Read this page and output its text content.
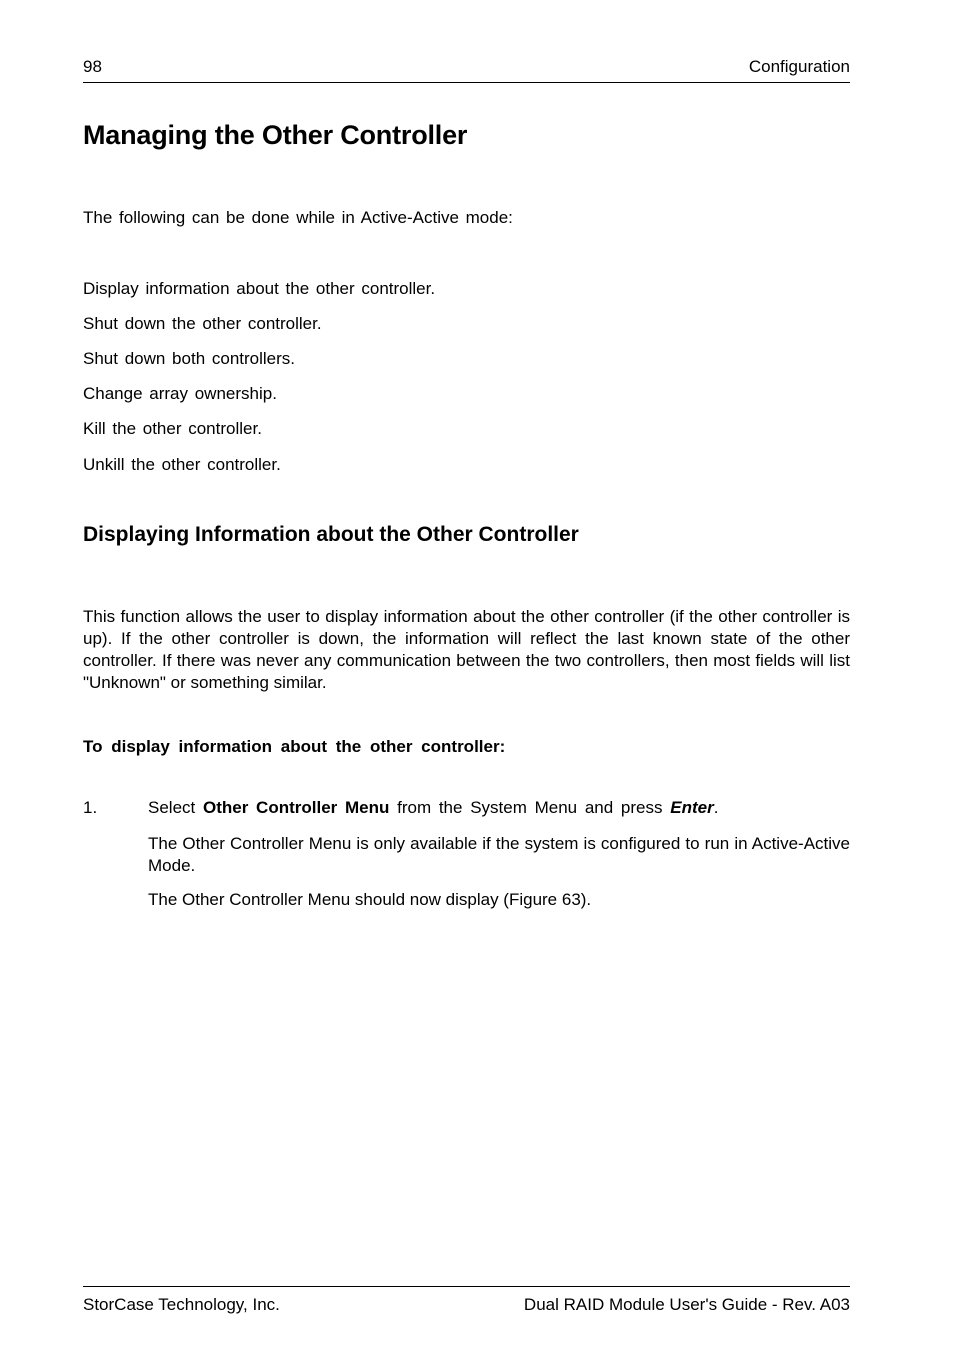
98	Configuration
Managing the Other Controller

The following can be done while in Active-Active mode:

Display information about the other controller.

Shut down the other controller.

Shut down both controllers.

Change array ownership.

Kill the other controller.

Unkill the other controller.

Displaying Information about the Other Controller

This function allows the user to display information about the other controller (if the other controller is up). If the other controller is down, the information will reflect the last known state of the other controller. If there was never any communication between the two controllers, then most fields will list "Unknown" or something similar.

To display information about the other controller:

1.	Select Other Controller Menu from the System Menu and press Enter.

The Other Controller Menu is only available if the system is configured to run in Active-Active Mode.

The Other Controller Menu should now display (Figure 63).

StorCase Technology, Inc.	Dual RAID Module User's Guide - Rev. A03
